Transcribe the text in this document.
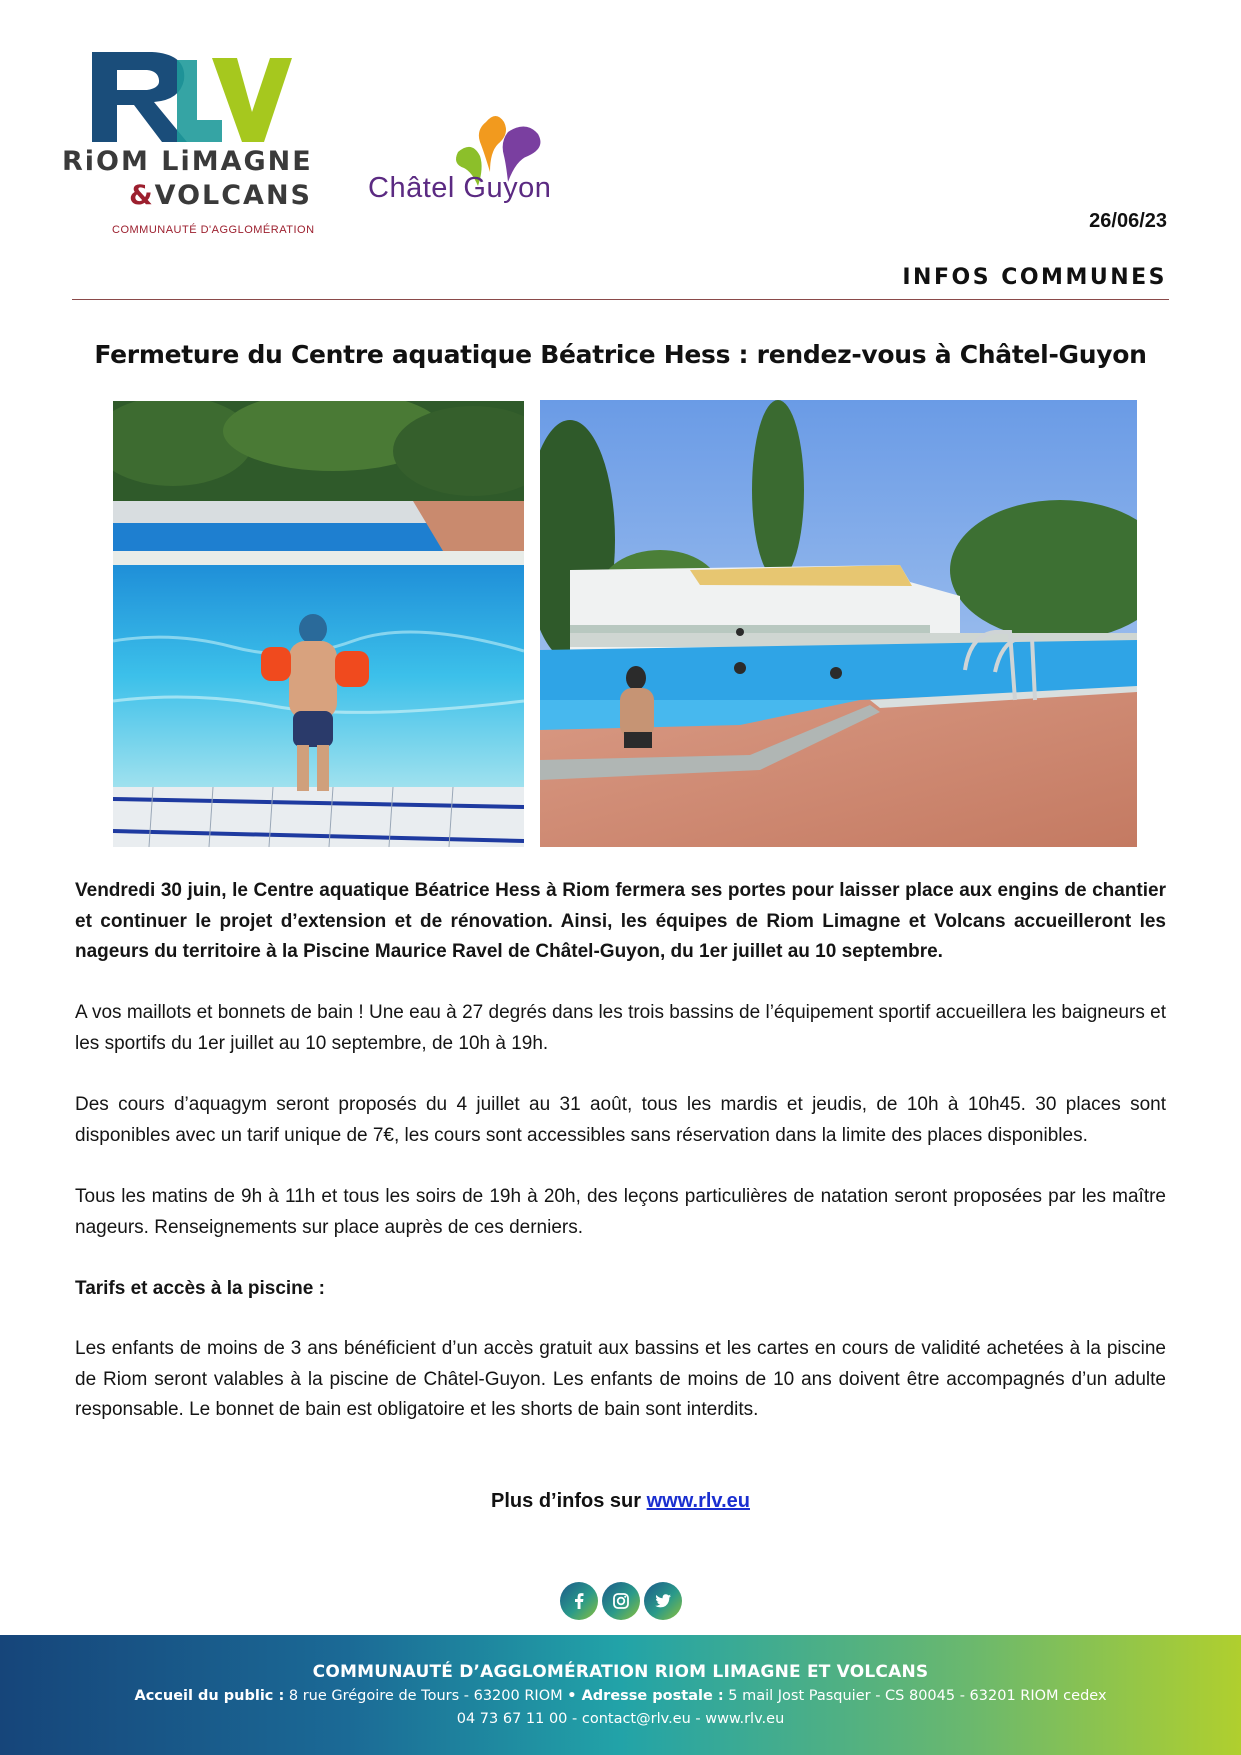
RiOM LiMAGNE
&VOLCANS
COMMUNAUTÉ D'AGGLOMÉRATION
Châtel Guyon
26/06/23
INFOS COMMUNES
Fermeture du Centre aquatique Béatrice Hess : rendez-vous à Châtel-Guyon

Vendredi 30 juin, le Centre aquatique Béatrice Hess à Riom fermera ses portes pour laisser place aux engins de chantier et continuer le projet d’extension et de rénovation. Ainsi, les équipes de Riom Limagne et Volcans accueilleront les nageurs du territoire à la Piscine Maurice Ravel de Châtel-Guyon, du 1er juillet au 10 septembre.

A vos maillots et bonnets de bain ! Une eau à 27 degrés dans les trois bassins de l’équipement sportif accueillera les baigneurs et les sportifs du 1er juillet au 10 septembre, de 10h à 19h.

Des cours d’aquagym seront proposés du 4 juillet au 31 août, tous les mardis et jeudis, de 10h à 10h45. 30 places sont disponibles avec un tarif unique de 7€, les cours sont accessibles sans réservation dans la limite des places disponibles.

Tous les matins de 9h à 11h et tous les soirs de 19h à 20h, des leçons particulières de natation seront proposées par les maître nageurs. Renseignements sur place auprès de ces derniers.

Tarifs et accès à la piscine :

Les enfants de moins de 3 ans bénéficient d’un accès gratuit aux bassins et les cartes en cours de validité achetées à la piscine de Riom seront valables à la piscine de Châtel-Guyon. Les enfants de moins de 10 ans doivent être accompagnés d’un adulte responsable. Le bonnet de bain est obligatoire et les shorts de bain sont interdits.

Plus d’infos sur www.rlv.eu
COMMUNAUTÉ D’AGGLOMÉRATION RIOM LIMAGNE ET VOLCANS
Accueil du public : 8 rue Grégoire de Tours - 63200 RIOM • Adresse postale : 5 mail Jost Pasquier - CS 80045 - 63201 RIOM cedex
04 73 67 11 00 - contact@rlv.eu - www.rlv.eu
